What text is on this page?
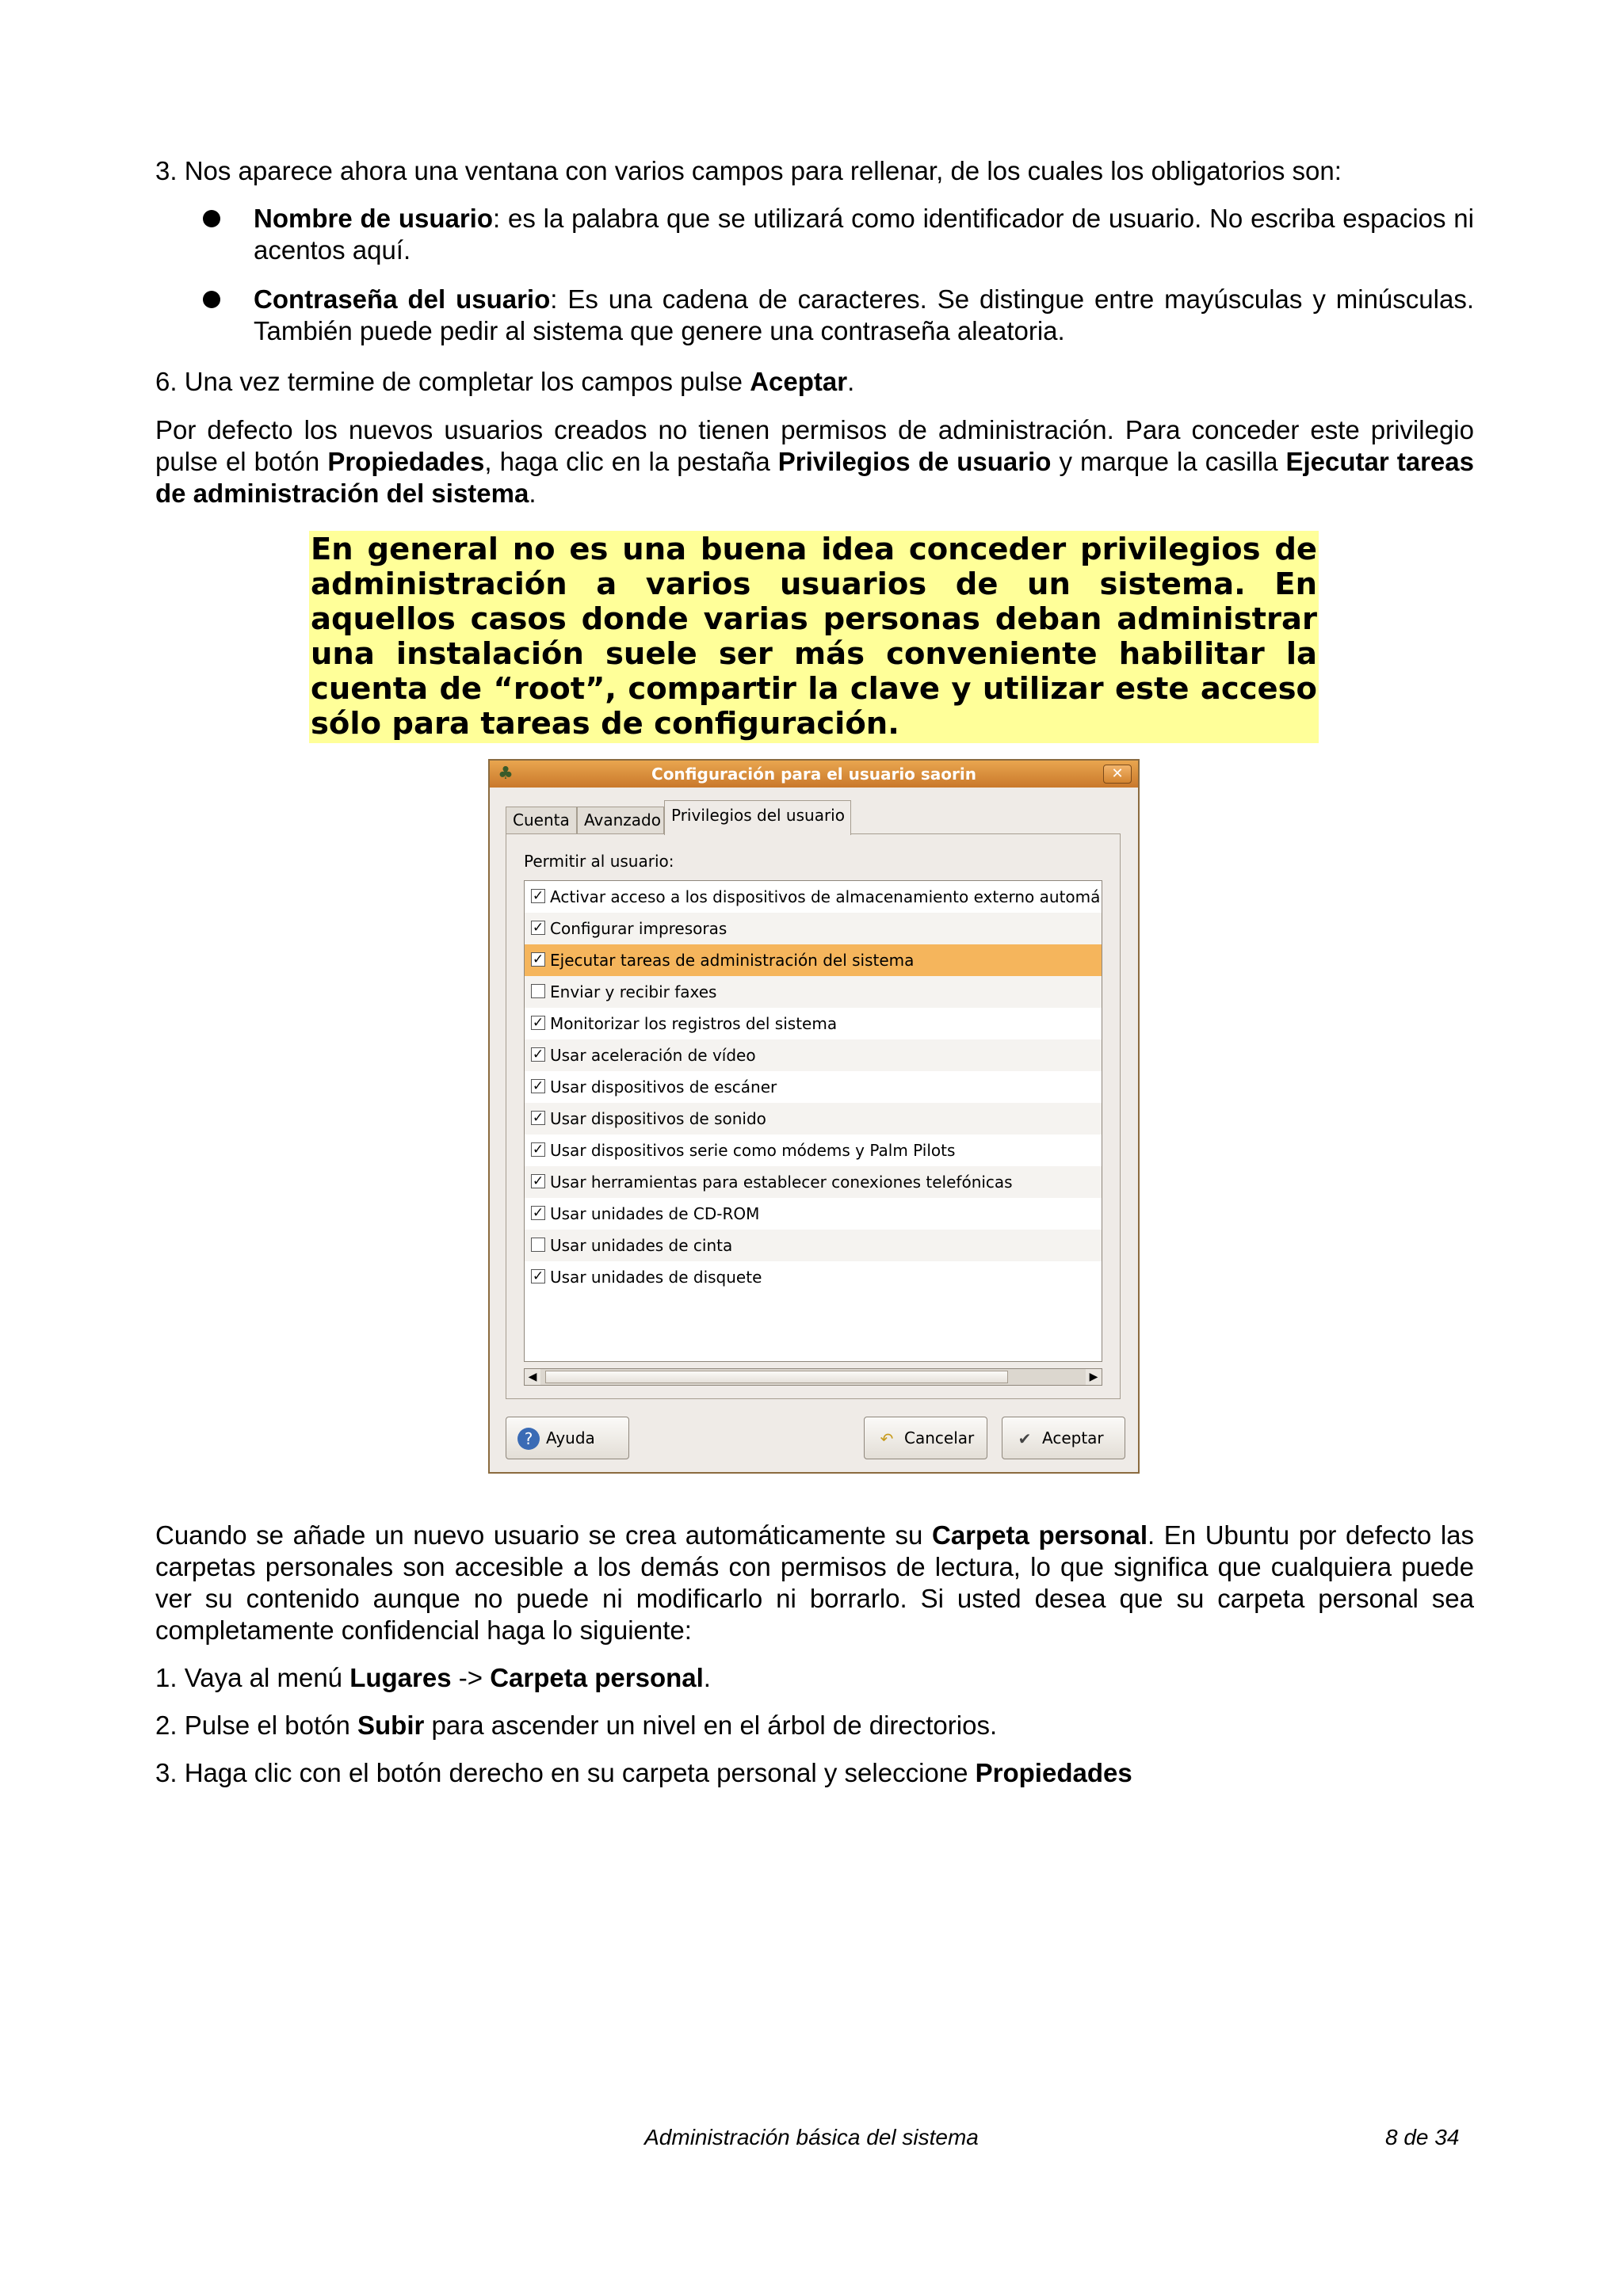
3. Nos aparece ahora una ventana con varios campos para rellenar, de los cuales los obligatorios son:
Nombre de usuario: es la palabra que se utilizará como identificador de usuario. No escriba espacios ni acentos aquí.
Contraseña del usuario: Es una cadena de caracteres. Se distingue entre mayúsculas y minúsculas. También puede pedir al sistema que genere una contraseña aleatoria.
6. Una vez termine de completar los campos pulse Aceptar.
Por defecto los nuevos usuarios creados no tienen permisos de administración. Para conceder este privilegio pulse el botón Propiedades, haga clic en la pestaña Privilegios de usuario y marque la casilla Ejecutar tareas de administración del sistema.
En general no es una buena idea conceder privilegios de administración a varios usuarios de un sistema. En aquellos casos donde varias personas deban administrar una instalación suele ser más conveniente habilitar la cuenta de “root”, compartir la clave y utilizar este acceso sólo para tareas de configuración.
♣	Configuración para el usuario saorin	✕
Cuenta Avanzado Privilegios del usuario
Permitir al usuario:
✓ Activar acceso a los dispositivos de almacenamiento externo automá
✓ Configurar impresoras
✓ Ejecutar tareas de administración del sistema
Enviar y recibir faxes
✓ Monitorizar los registros del sistema
✓ Usar aceleración de vídeo
✓ Usar dispositivos de escáner
✓ Usar dispositivos de sonido
✓ Usar dispositivos serie como módems y Palm Pilots
✓ Usar herramientas para establecer conexiones telefónicas
✓ Usar unidades de CD-ROM
Usar unidades de cinta
✓ Usar unidades de disquete
◀	▶
? Ayuda	↶ Cancelar	✔ Aceptar
Cuando se añade un nuevo usuario se crea automáticamente su Carpeta personal. En Ubuntu por defecto las carpetas personales son accesible a los demás con permisos de lectura, lo que significa que cualquiera puede ver su contenido aunque no puede ni modificarlo ni borrarlo. Si usted desea que su carpeta personal sea completamente confidencial haga lo siguiente:
1. Vaya al menú Lugares -> Carpeta personal.
2. Pulse el botón Subir para ascender un nivel en el árbol de directorios.
3. Haga clic con el botón derecho en su carpeta personal y seleccione Propiedades
Administración básica del sistema	8 de 34
